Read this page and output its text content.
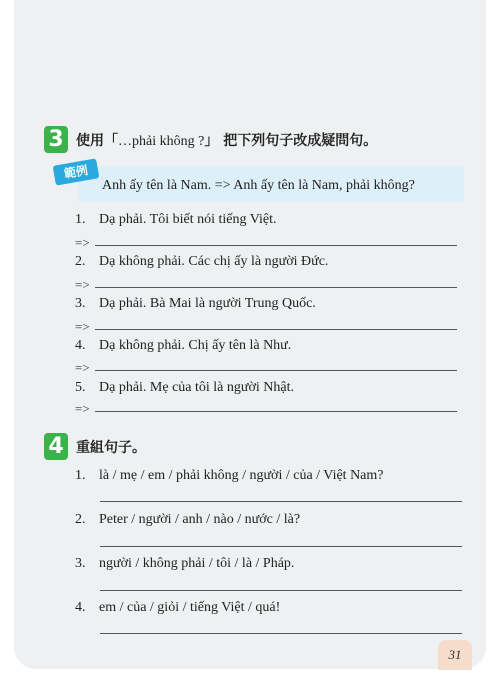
3 使用「…phải không ?」 把下列句子改成疑問句。
範例
Anh ấy tên là Nam. => Anh ấy tên là Nam, phải không?
1. Dạ phải. Tôi biết nói tiếng Việt.
=>
2. Dạ không phải. Các chị ấy là người Đức.
=>
3. Dạ phải. Bà Mai là người Trung Quốc.
=>
4. Dạ không phải. Chị ấy tên là Như.
=>
5. Dạ phải. Mẹ của tôi là người Nhật.
=>
4 重組句子。
1. là / mẹ / em / phải không / người / của / Việt Nam?
2. Peter / người / anh / nào / nước / là?
3. người / không phải / tôi / là / Pháp.
4. em / của / giỏi / tiếng Việt / quá!
31
